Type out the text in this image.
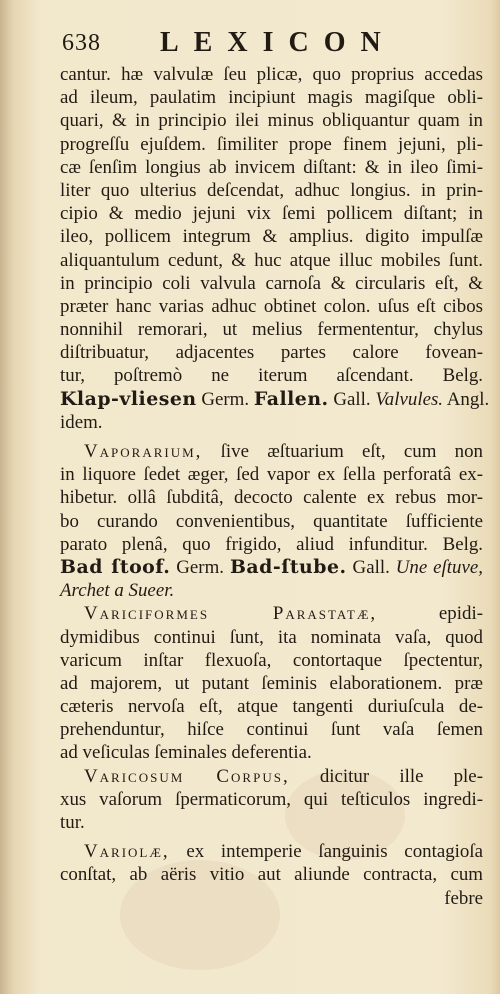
638 LEXICON
cantur. hæ valvulæ ſeu plicæ, quo proprius accedas
ad ileum, paulatim incipiunt magis magiſque obli-
quari, & in principio ilei minus obliquantur quam in
progreſſu ejuſdem. ſimiliter prope finem jejuni, pli-
cæ ſenſim longius ab invicem diſtant: & in ileo ſimi-
liter quo ulterius deſcendat, adhuc longius. in prin-
cipio & medio jejuni vix ſemi pollicem diſtant; in
ileo, pollicem integrum & amplius. digito impulſæ
aliquantulum cedunt, & huc atque illuc mobiles ſunt.
in principio coli valvula carnoſa & circularis eſt, &
præter hanc varias adhuc obtinet colon. uſus eſt cibos
nonnihil remorari, ut melius fermententur, chylus
diſtribuatur, adjacentes partes calore fovean-
tur, poſtremò ne iterum aſcendant. Belg.
Klap-vliesen Germ. Fallen. Gall. Valvules. Angl.
idem.
Vaporarium, ſive æſtuarium eſt, cum non
in liquore ſedet æger, ſed vapor ex ſella perforatâ ex-
hibetur. ollâ ſubditâ, decocto calente ex rebus mor-
bo curando convenientibus, quantitate ſufficiente
parato plenâ, quo frigido, aliud infunditur. Belg.
Bad ſtoof. Germ. Bad-ſtube. Gall. Une eſtuve,
Archet a Sueer.
Variciformes Parastatæ,	epidi-
dymidibus continui ſunt, ita nominata vaſa, quod
varicum inſtar flexuoſa, contortaque ſpectentur,
ad majorem, ut putant ſeminis elaborationem. præ
cæteris nervoſa eſt, atque tangenti duriuſcula de-
prehenduntur, hiſce continui ſunt vaſa ſemen
ad veſiculas ſeminales deferentia.
Varicosum Corpus, dicitur ille ple-
xus vaſorum ſpermaticorum, qui teſticulos ingredi-
tur.
Variolæ, ex intemperie ſanguinis contagioſa
conſtat, ab aëris vitio aut aliunde contracta, cum
febre
